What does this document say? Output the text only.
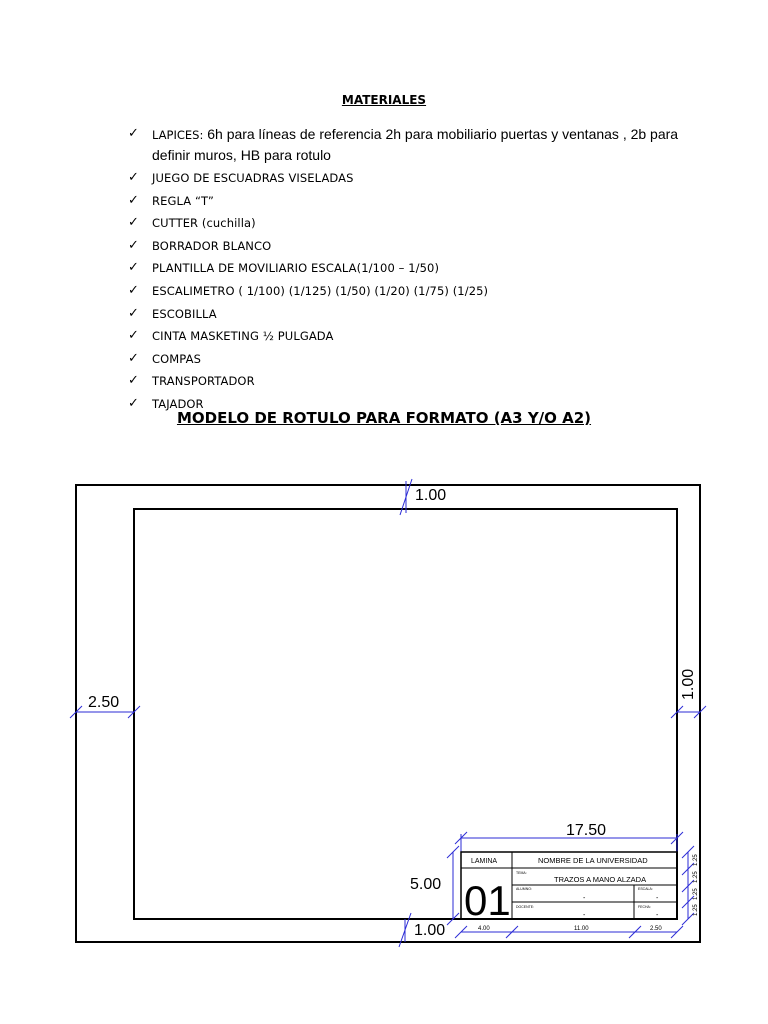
MATERIALES
✓ LAPICES: 6h para líneas de referencia 2h para mobiliario puertas y ventanas , 2b para definir muros, HB para rotulo
✓ JUEGO DE ESCUADRAS VISELADAS
✓ REGLA “T”
✓ CUTTER (cuchilla)
✓ BORRADOR BLANCO
✓ PLANTILLA DE MOVILIARIO ESCALA(1/100 – 1/50)
✓ ESCALIMETRO ( 1/100) (1/125) (1/50) (1/20) (1/75) (1/25)
✓ ESCOBILLA
✓ CINTA MASKETING ½ PULGADA
✓ COMPAS
✓ TRANSPORTADOR
✓ TAJADOR
MODELO DE ROTULO PARA FORMATO (A3 Y/O A2)
1.00
2.50
1.00
1.00
17.50
5.00
4.00	11.00	2.50
1.25
1.25
1.25
1.25
LAMINA
01
NOMBRE DE LA UNIVERSIDAD
TEMA:
TRAZOS A MANO ALZADA
ALUMNO:
-
ESCALA:
-
DOCENTE:
-
FECHA:
-
